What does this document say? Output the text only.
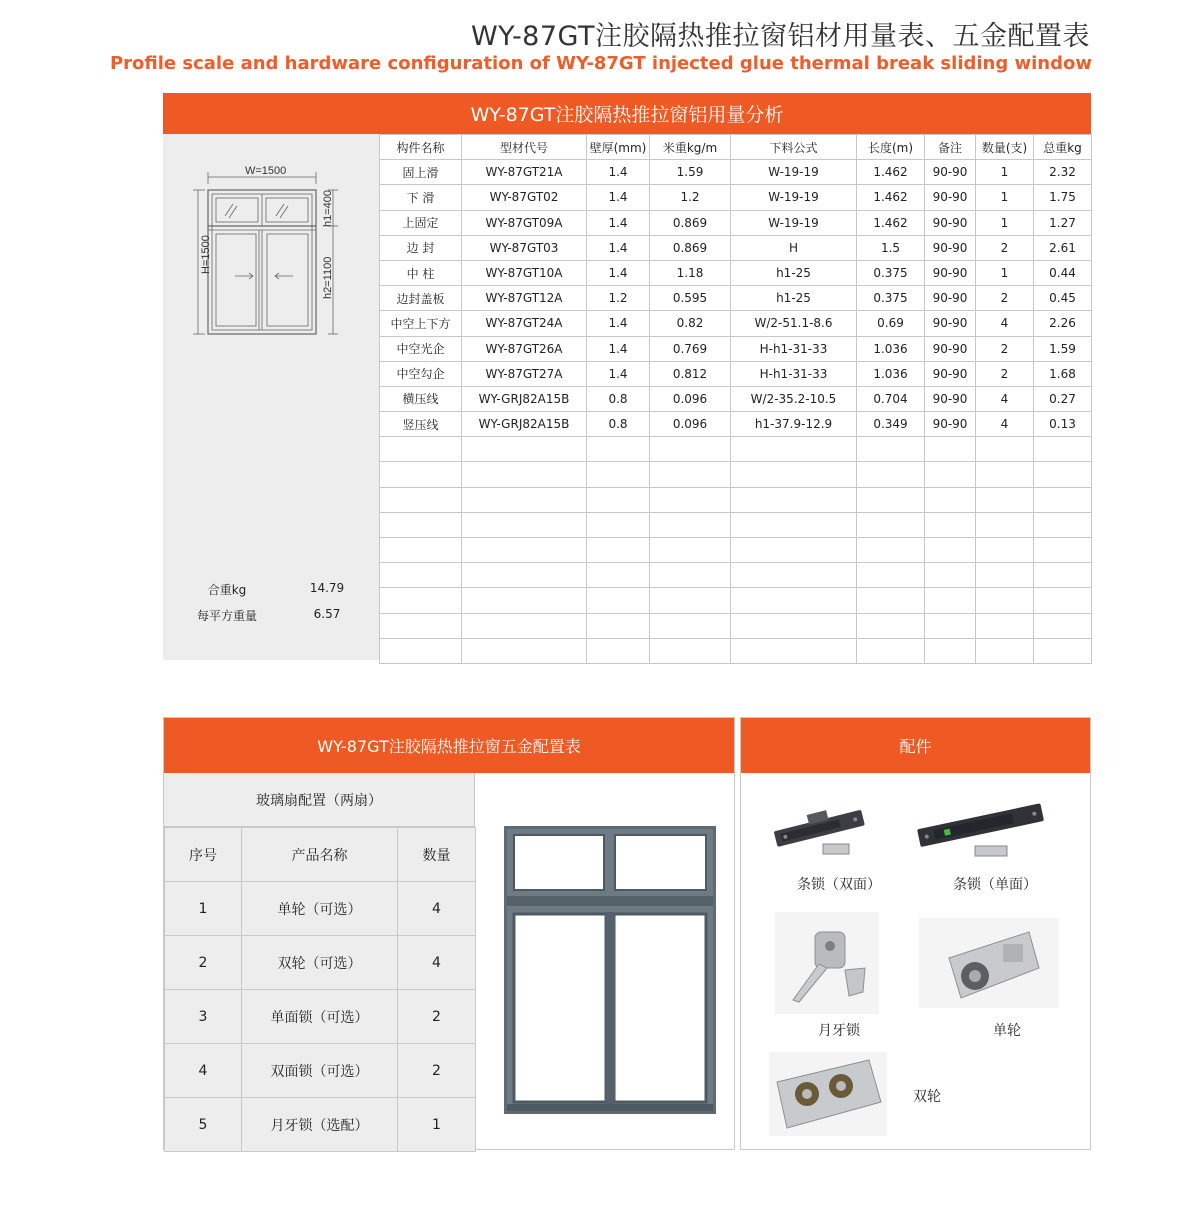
WY-87GT注胶隔热推拉窗铝材用量表、五金配置表
Profile scale and hardware configuration of WY-87GT injected glue thermal break sliding window
WY-87GT注胶隔热推拉窗铝用量分析
W=1500
H=1500
h1=400
h2=1100
合重kg	14.79
每平方重量	6.57
构件名称	型材代号	壁厚(mm)	米重kg/m	下料公式	长度(m)	备注	数量(支)	总重kg
固上滑	WY-87GT21A	1.4	1.59	W-19-19	1.462	90-90	1	2.32
下 滑	WY-87GT02	1.4	1.2	W-19-19	1.462	90-90	1	1.75
上固定	WY-87GT09A	1.4	0.869	W-19-19	1.462	90-90	1	1.27
边 封	WY-87GT03	1.4	0.869	H	1.5	90-90	2	2.61
中 柱	WY-87GT10A	1.4	1.18	h1-25	0.375	90-90	1	0.44
边封盖板	WY-87GT12A	1.2	0.595	h1-25	0.375	90-90	2	0.45
中空上下方	WY-87GT24A	1.4	0.82	W/2-51.1-8.6	0.69	90-90	4	2.26
中空光企	WY-87GT26A	1.4	0.769	H-h1-31-33	1.036	90-90	2	1.59
中空勾企	WY-87GT27A	1.4	0.812	H-h1-31-33	1.036	90-90	2	1.68
横压线	WY-GRJ82A15B	0.8	0.096	W/2-35.2-10.5	0.704	90-90	4	0.27
竖压线	WY-GRJ82A15B	0.8	0.096	h1-37.9-12.9	0.349	90-90	4	0.13

WY-87GT注胶隔热推拉窗五金配置表
玻璃扇配置（两扇）
序号	产品名称	数量
1	单轮（可选）	4
2	双轮（可选）	4
3	单面锁（可选）	2
4	双面锁（可选）	2
5	月牙锁（选配）	1
配件
条锁（双面）	条锁（单面）
月牙锁	单轮
双轮
